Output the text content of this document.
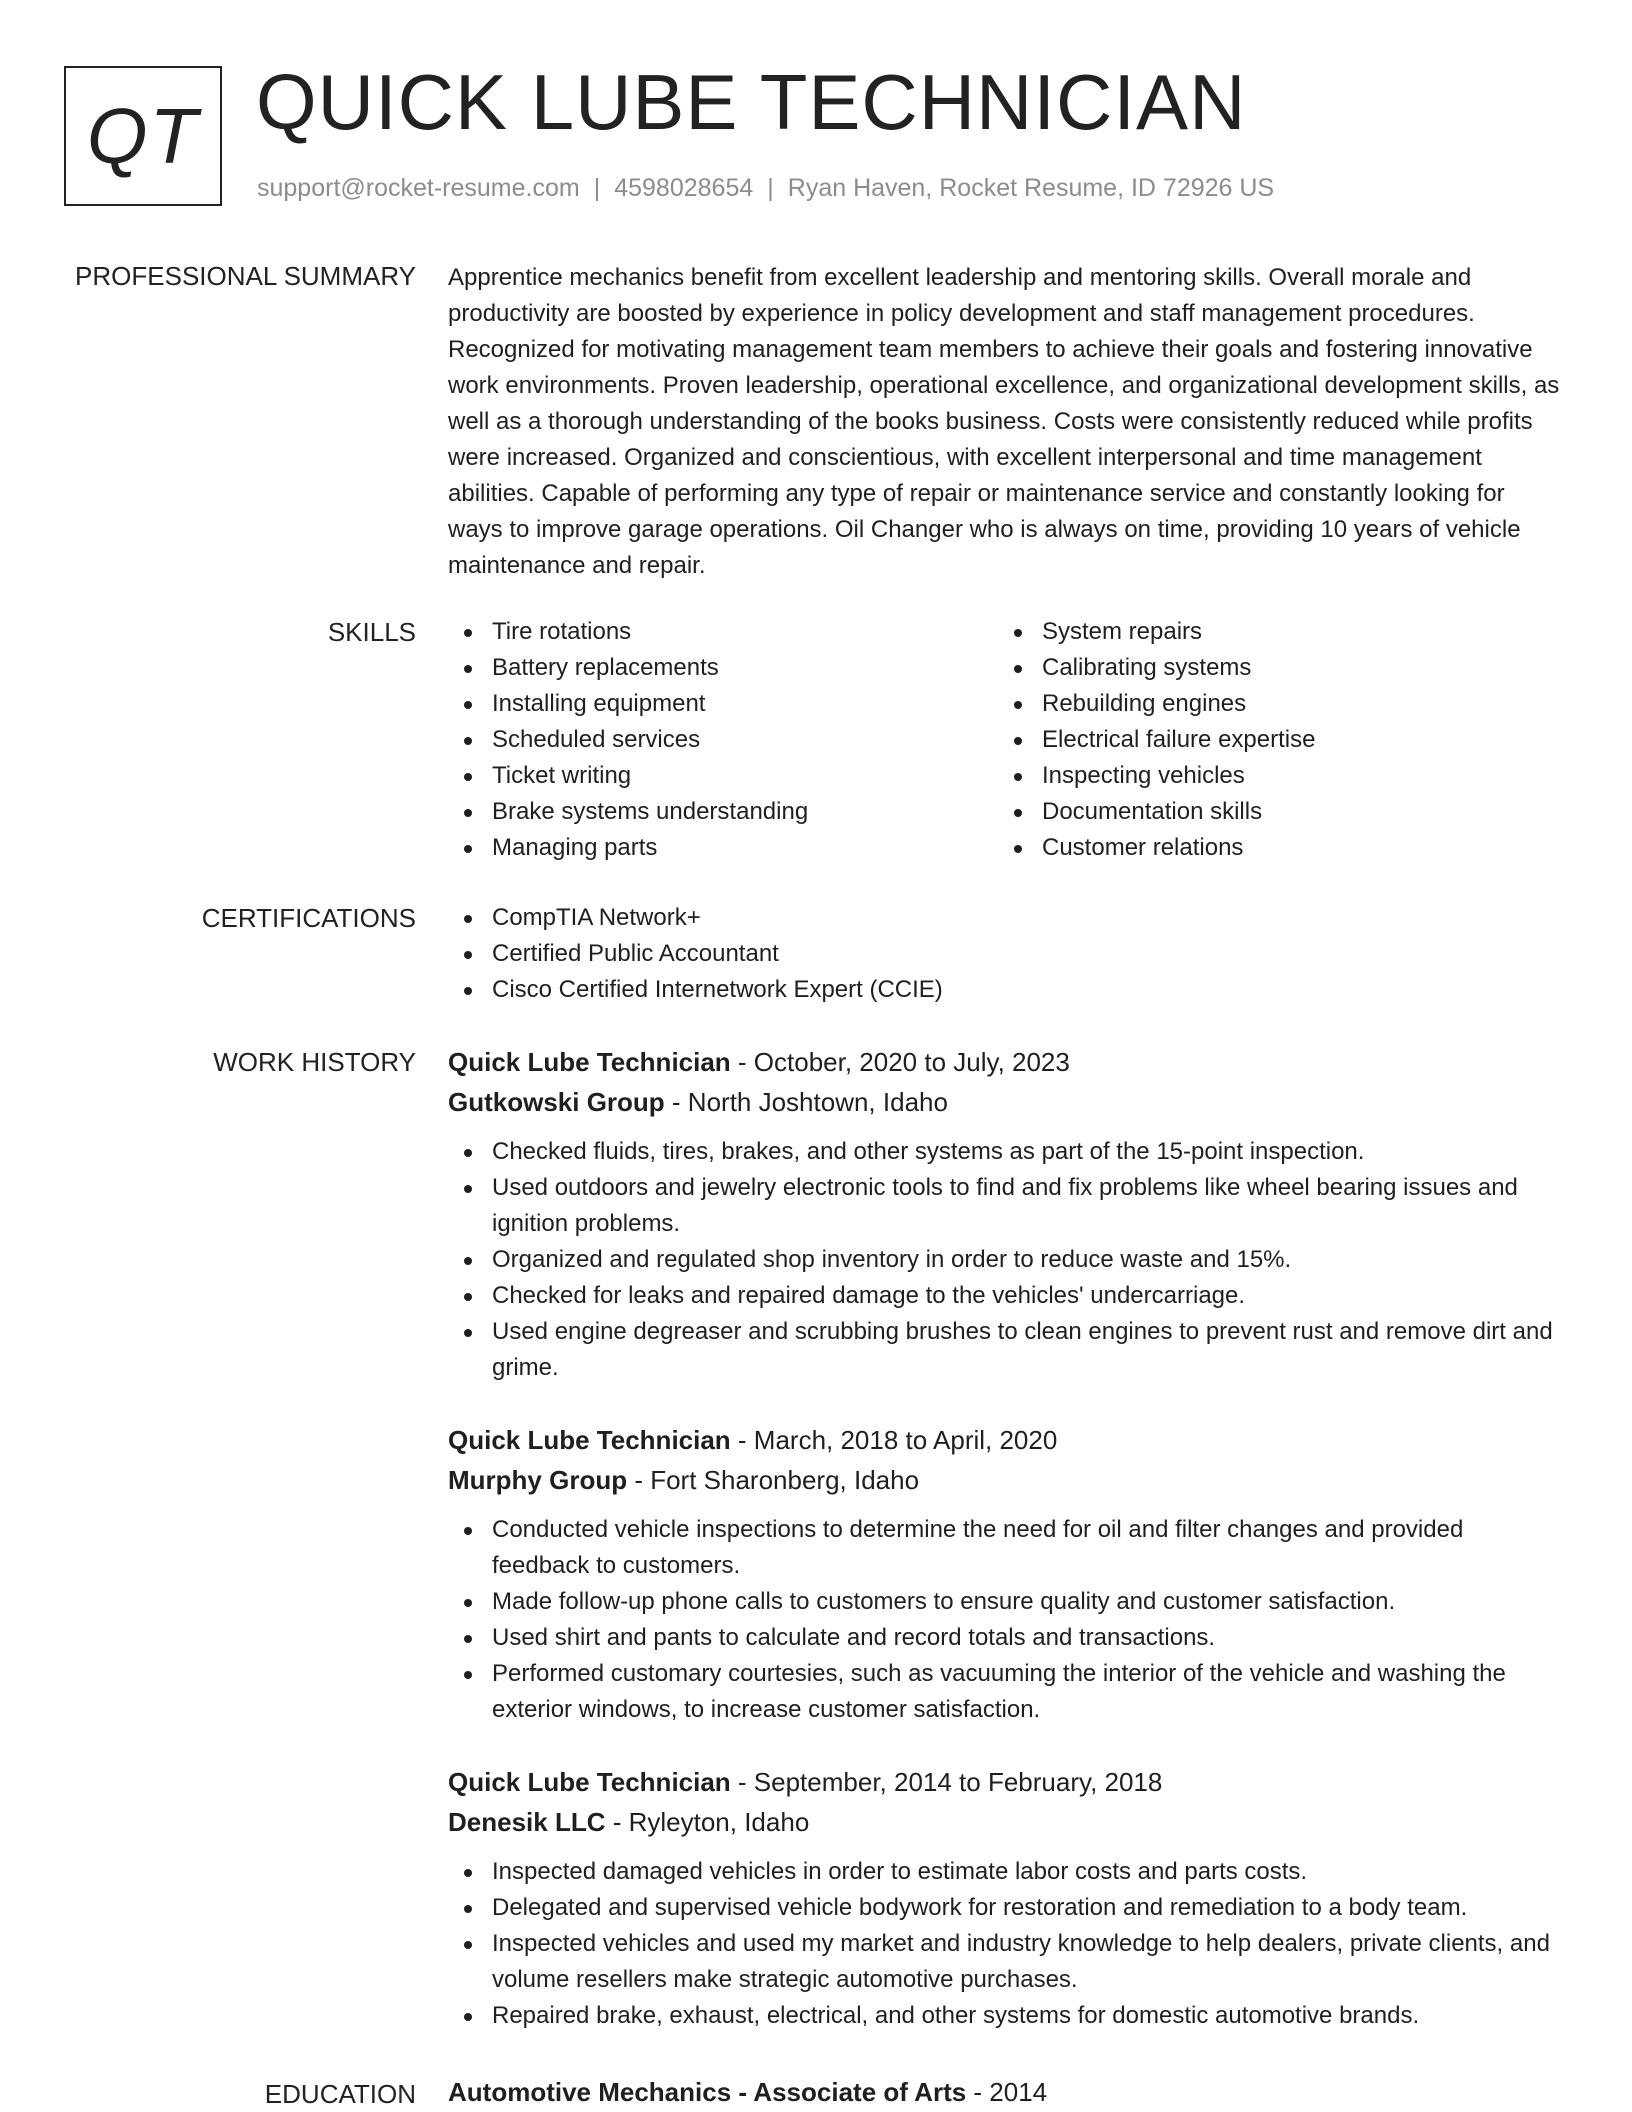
QT QUICK LUBE TECHNICIAN
support@rocket-resume.com | 4598028654 | Ryan Haven, Rocket Resume, ID 72926 US
PROFESSIONAL SUMMARY Apprentice mechanics benefit from excellent leadership and mentoring skills. Overall morale and productivity are boosted by experience in policy development and staff management procedures. Recognized for motivating management team members to achieve their goals and fostering innovative work environments. Proven leadership, operational excellence, and organizational development skills, as well as a thorough understanding of the books business. Costs were consistently reduced while profits were increased. Organized and conscientious, with excellent interpersonal and time management abilities. Capable of performing any type of repair or maintenance service and constantly looking for ways to improve garage operations. Oil Changer who is always on time, providing 10 years of vehicle maintenance and repair.
SKILLS	Tire rotations
Battery replacements
Installing equipment
Scheduled services
Ticket writing
Brake systems understanding
Managing parts
System repairs
Calibrating systems
Rebuilding engines
Electrical failure expertise
Inspecting vehicles
Documentation skills
Customer relations
CERTIFICATIONS	CompTIA Network+
Certified Public Accountant
Cisco Certified Internetwork Expert (CCIE)
WORK HISTORY Quick Lube Technician - October, 2020 to July, 2023
Gutkowski Group - North Joshtown, Idaho
Checked fluids, tires, brakes, and other systems as part of the 15-point inspection.
Used outdoors and jewelry electronic tools to find and fix problems like wheel bearing issues and ignition problems.
Organized and regulated shop inventory in order to reduce waste and 15%.
Checked for leaks and repaired damage to the vehicles' undercarriage.
Used engine degreaser and scrubbing brushes to clean engines to prevent rust and remove dirt and grime.
Quick Lube Technician - March, 2018 to April, 2020
Murphy Group - Fort Sharonberg, Idaho
Conducted vehicle inspections to determine the need for oil and filter changes and provided feedback to customers.
Made follow-up phone calls to customers to ensure quality and customer satisfaction.
Used shirt and pants to calculate and record totals and transactions.
Performed customary courtesies, such as vacuuming the interior of the vehicle and washing the exterior windows, to increase customer satisfaction.
Quick Lube Technician - September, 2014 to February, 2018
Denesik LLC - Ryleyton, Idaho
Inspected damaged vehicles in order to estimate labor costs and parts costs.
Delegated and supervised vehicle bodywork for restoration and remediation to a body team.
Inspected vehicles and used my market and industry knowledge to help dealers, private clients, and volume resellers make strategic automotive purchases.
Repaired brake, exhaust, electrical, and other systems for domestic automotive brands.
EDUCATION Automotive Mechanics - Associate of Arts - 2014
